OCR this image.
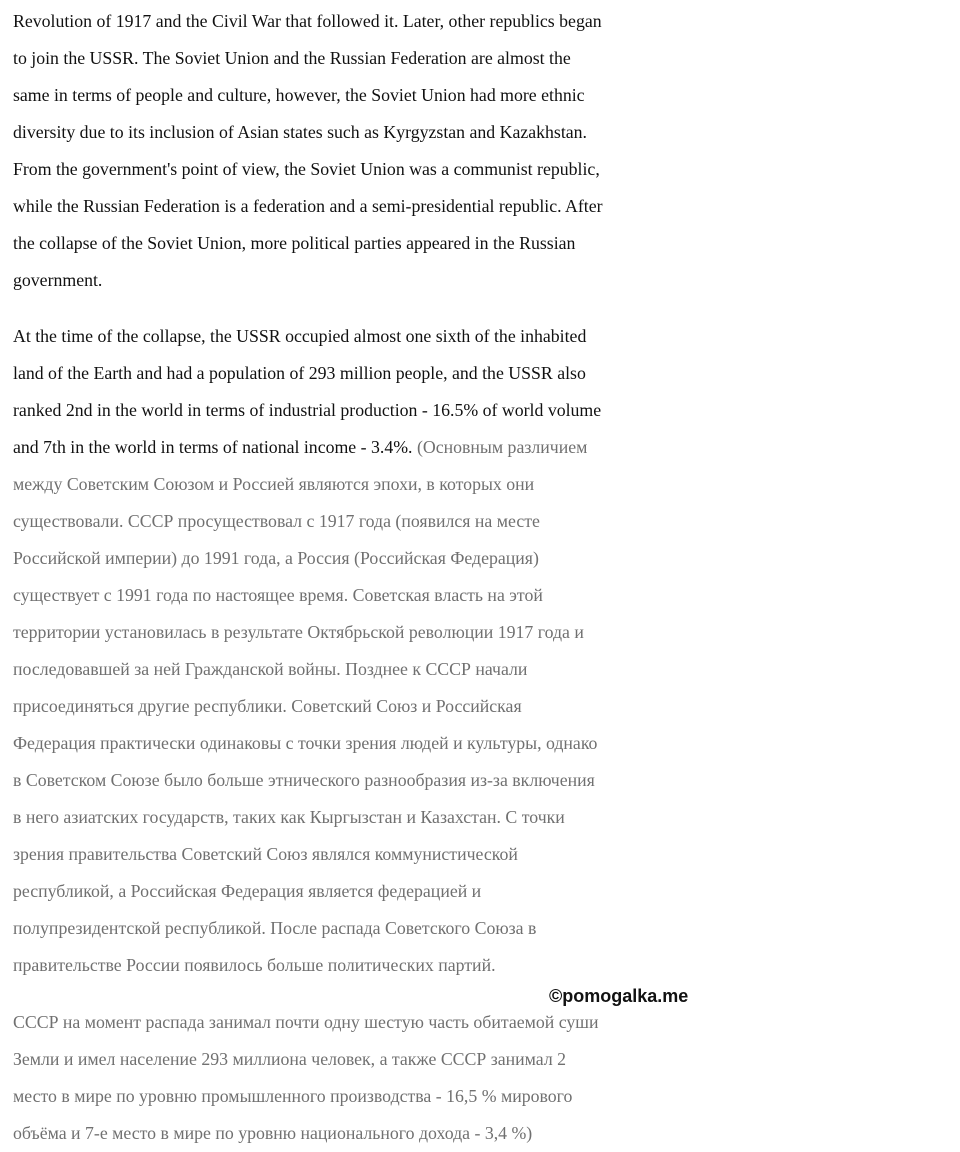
Revolution of 1917 and the Civil War that followed it. Later, other republics began
to join the USSR. The Soviet Union and the Russian Federation are almost the
same in terms of people and culture, however, the Soviet Union had more ethnic
diversity due to its inclusion of Asian states such as Kyrgyzstan and Kazakhstan.
From the government's point of view, the Soviet Union was a communist republic,
while the Russian Federation is a federation and a semi-presidential republic. After
the collapse of the Soviet Union, more political parties appeared in the Russian
government.
At the time of the collapse, the USSR occupied almost one sixth of the inhabited
land of the Earth and had a population of 293 million people, and the USSR also
ranked 2nd in the world in terms of industrial production - 16.5% of world volume
and 7th in the world in terms of national income - 3.4%. (Основным различием
между Советским Союзом и Россией являются эпохи, в которых они
существовали. СССР просуществовал с 1917 года (появился на месте
Российской империи) до 1991 года, а Россия (Российская Федерация)
существует с 1991 года по настоящее время. Советская власть на этой
территории установилась в результате Октябрьской революции 1917 года и
последовавшей за ней Гражданской войны. Позднее к СССР начали
присоединяться другие республики. Советский Союз и Российская
Федерация практически одинаковы с точки зрения людей и культуры, однако
в Советском Союзе было больше этнического разнообразия из-за включения
в него азиатских государств, таких как Кыргызстан и Казахстан. С точки
зрения правительства Советский Союз являлся коммунистической
республикой, а Российская Федерация является федерацией и
полупрезидентской республикой. После распада Советского Союза в
правительстве России появилось больше политических партий.
СССР на момент распада занимал почти одну шестую часть обитаемой суши
Земли и имел население 293 миллиона человек, а также СССР занимал 2
место в мире по уровню промышленного производства - 16,5 % мирового
объёма и 7-е место в мире по уровню национального дохода - 3,4 %)
©pomogalka.me
